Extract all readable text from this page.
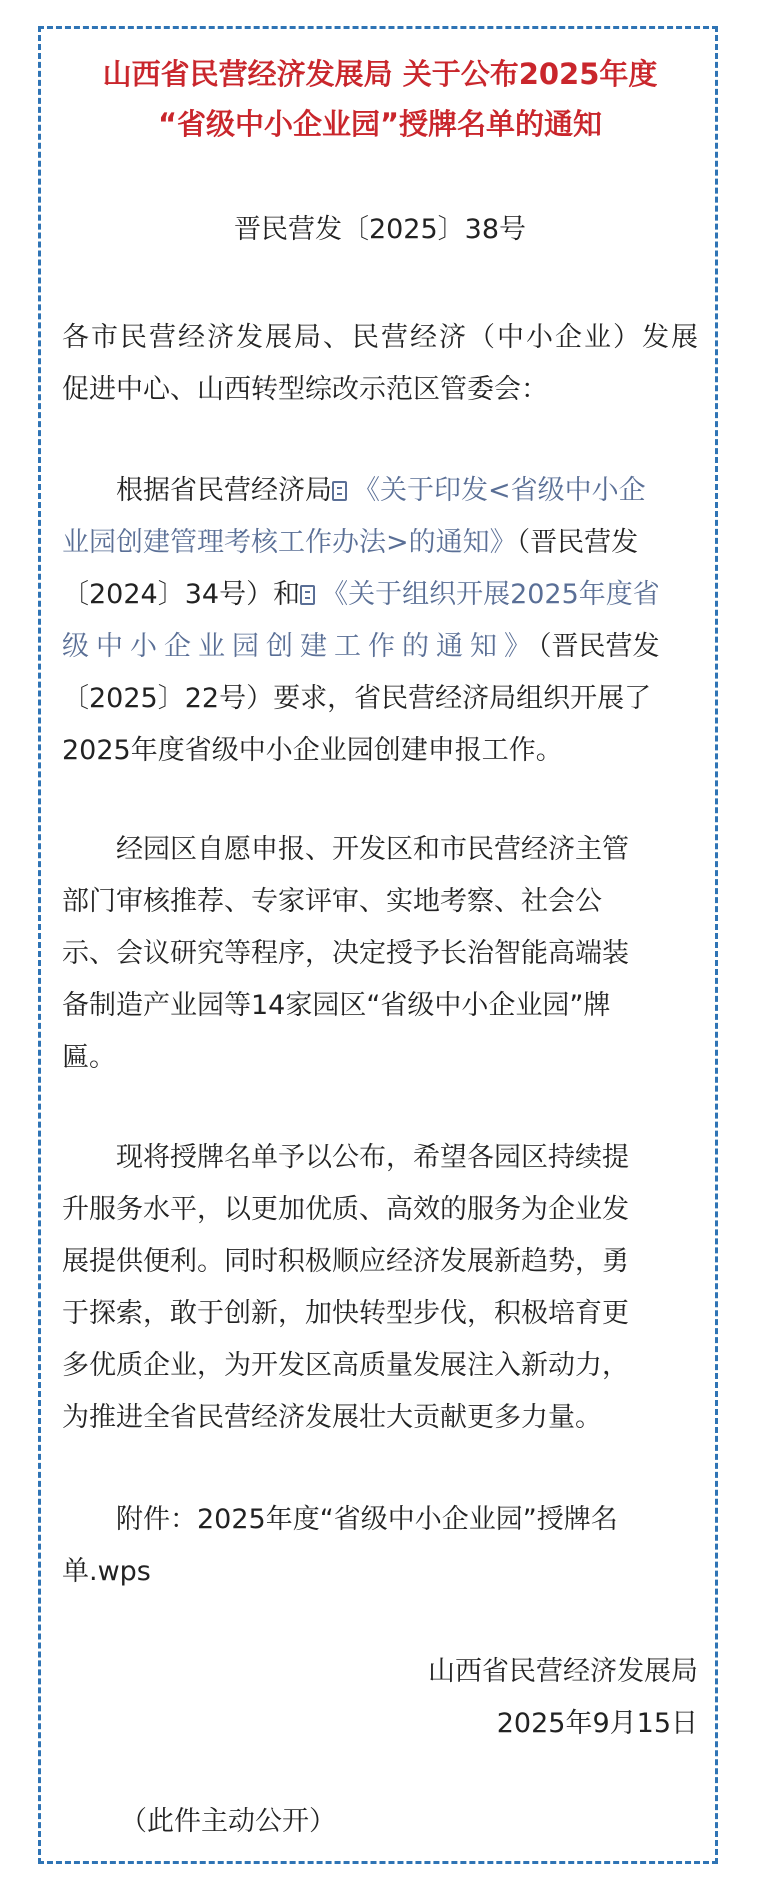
山西省民营经济发展局 关于公布2025年度
“省级中小企业园”授牌名单的通知
晋民营发〔2025〕38号
各市民营经济发展局、民营经济（中小企业）发展
促进中心、山西转型综改示范区管委会：
根据省民营经济局 《关于印发<省级中小企
业园创建管理考核工作办法>的通知》（晋民营发
〔2024〕34号）和 《关于组织开展2025年度省
级中小企业园创建工作的通知》（晋民营发
〔2025〕22号）要求，省民营经济局组织开展了
2025年度省级中小企业园创建申报工作。
经园区自愿申报、开发区和市民营经济主管
部门审核推荐、专家评审、实地考察、社会公
示、会议研究等程序，决定授予长治智能高端装
备制造产业园等14家园区“省级中小企业园”牌
匾。
现将授牌名单予以公布，希望各园区持续提
升服务水平，以更加优质、高效的服务为企业发
展提供便利。同时积极顺应经济发展新趋势，勇
于探索，敢于创新，加快转型步伐，积极培育更
多优质企业，为开发区高质量发展注入新动力，
为推进全省民营经济发展壮大贡献更多力量。
附件：2025年度“省级中小企业园”授牌名
单.wps
山西省民营经济发展局
2025年9月15日
（此件主动公开）
